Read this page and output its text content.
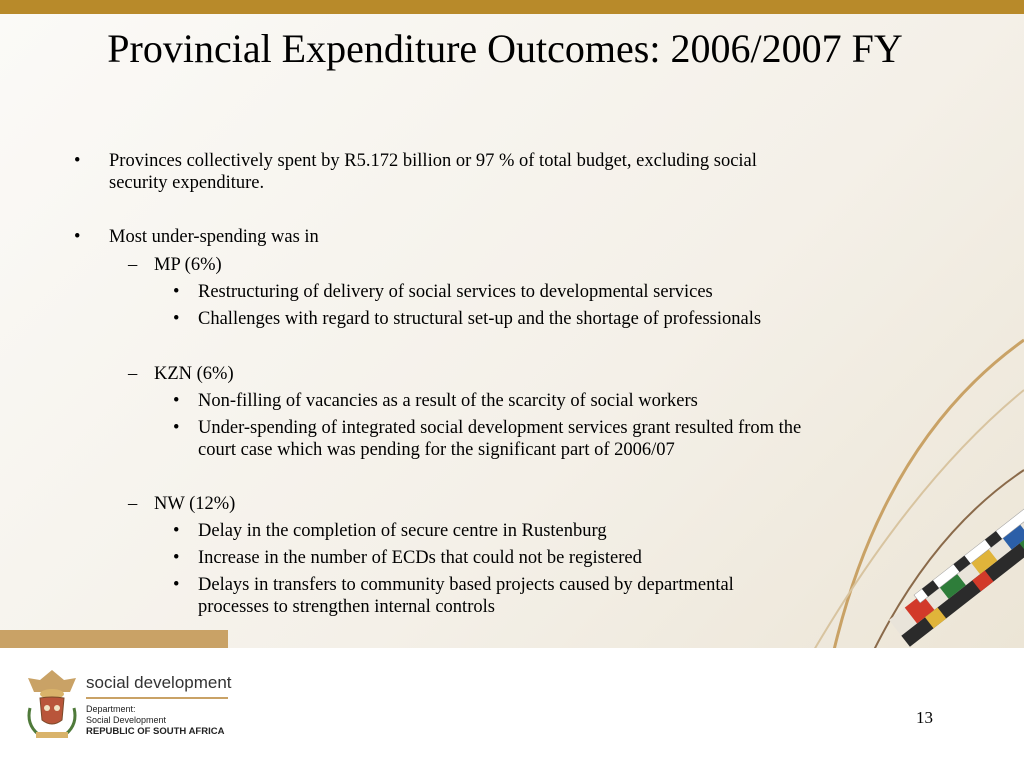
Provincial Expenditure Outcomes: 2006/2007 FY
• Provinces collectively spent by R5.172 billion or 97 % of total budget, excluding social
security expenditure.
• Most under-spending was in
– MP (6%)
• Restructuring of delivery of social services to developmental services
• Challenges with regard to structural set-up and the shortage of professionals
– KZN (6%)
• Non-filling of vacancies as a result of the scarcity of social workers
• Under-spending of integrated social development services grant resulted from the
court case which was pending for the significant part of 2006/07
– NW (12%)
• Delay in the completion of secure centre in Rustenburg
• Increase in the number of ECDs that could not be registered
• Delays in transfers to community based projects caused by departmental
processes to strengthen internal controls
social development
Department:
Social Development
REPUBLIC OF SOUTH AFRICA
13
